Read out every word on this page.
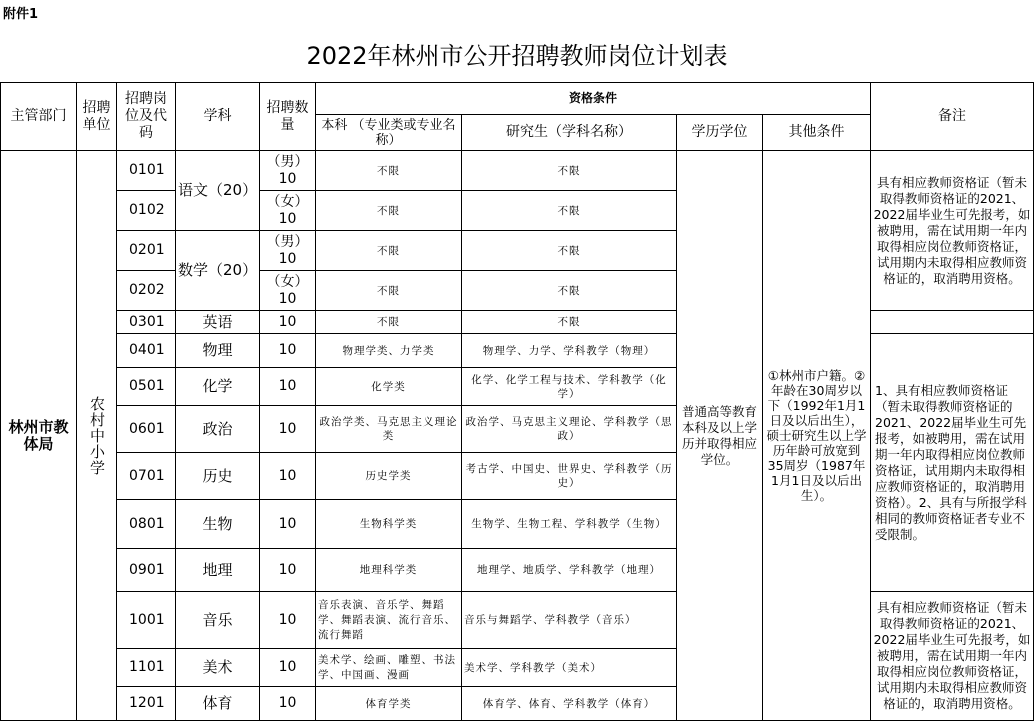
附件1
2022年林州市公开招聘教师岗位计划表
主管部门	招聘单位	招聘岗位及代码	学科	招聘数量	资格条件				备注
					本科 （专业类或专业名称）	研究生（学科名称）	学历学位	其他条件	
林州市教体局	农村中小学	0101	语文（20）	（男）10	不限	不限	普通高等教育本科及以上学历并取得相应学位。	①林州市户籍。②年龄在30周岁以下（1992年1月1日及以后出生），硕士研究生以上学历年龄可放宽到35周岁（1987年1月1日及以后出生）。	具有相应教师资格证（暂未取得教师资格证的2021、2022届毕业生可先报考，如被聘用，需在试用期一年内取得相应岗位教师资格证，试用期内未取得相应教师资格证的，取消聘用资格。
		0102		（女）10	不限	不限			
		0201	数学（20）	（男）10	不限	不限			
		0202		（女）10	不限	不限			
		0301	英语	10	不限	不限			
		0401	物理	10	物理学类、力学类	物理学、力学、学科教学（物理）			1、具有相应教师资格证（暂未取得教师资格证的2021、2022届毕业生可先报考，如被聘用，需在试用期一年内取得相应岗位教师资格证，试用期内未取得相应教师资格证的，取消聘用资格）。2、具有与所报学科相同的教师资格证者专业不受限制。
		0501	化学	10	化学类	化学、化学工程与技术、学科教学（化学）			
		0601	政治	10	政治学类、马克思主义理论类	政治学、马克思主义理论、学科教学（思政）			
		0701	历史	10	历史学类	考古学、中国史、世界史、学科教学（历史）			
		0801	生物	10	生物科学类	生物学、生物工程、学科教学（生物）			
		0901	地理	10	地理科学类	地理学、地质学、学科教学（地理）			
		1001	音乐	10	音乐表演、音乐学、舞蹈学、舞蹈表演、流行音乐、流行舞蹈	音乐与舞蹈学、学科教学（音乐）			具有相应教师资格证（暂未取得教师资格证的2021、2022届毕业生可先报考，如被聘用，需在试用期一年内取得相应岗位教师资格证，试用期内未取得相应教师资格证的，取消聘用资格。
		1101	美术	10	美术学、绘画、雕塑、书法学、中国画、漫画	美术学、学科教学（美术）			
		1201	体育	10	体育学类	体育学、体育、学科教学（体育）			
